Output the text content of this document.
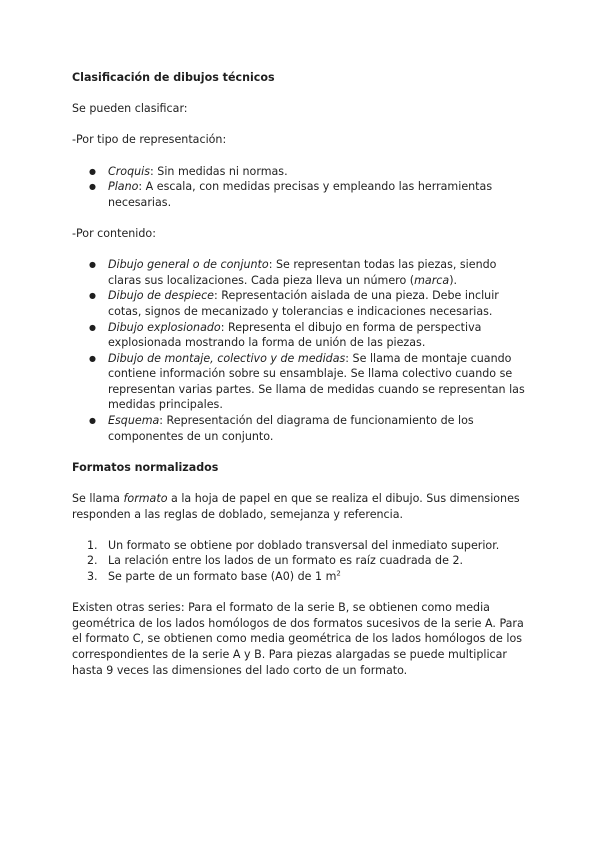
Clasificación de dibujos técnicos

Se pueden clasificar:

-Por tipo de representación:

● Croquis: Sin medidas ni normas.
● Plano: A escala, con medidas precisas y empleando las herramientas necesarias.

-Por contenido:

● Dibujo general o de conjunto: Se representan todas las piezas, siendo claras sus localizaciones. Cada pieza lleva un número (marca).
● Dibujo de despiece: Representación aislada de una pieza. Debe incluir cotas, signos de mecanizado y tolerancias e indicaciones necesarias.
● Dibujo explosionado: Representa el dibujo en forma de perspectiva explosionada mostrando la forma de unión de las piezas.
● Dibujo de montaje, colectivo y de medidas: Se llama de montaje cuando contiene información sobre su ensamblaje. Se llama colectivo cuando se representan varias partes. Se llama de medidas cuando se representan las medidas principales.
● Esquema: Representación del diagrama de funcionamiento de los componentes de un conjunto.
Formatos normalizados

Se llama formato a la hoja de papel en que se realiza el dibujo. Sus dimensiones responden a las reglas de doblado, semejanza y referencia.

1. Un formato se obtiene por doblado transversal del inmediato superior.
2. La relación entre los lados de un formato es raíz cuadrada de 2.
3. Se parte de un formato base (A0) de 1 $m^2$

Existen otras series: Para el formato de la serie B, se obtienen como media geométrica de los lados homólogos de dos formatos sucesivos de la serie A. Para el formato C, se obtienen como media geométrica de los lados homólogos de los correspondientes de la serie A y B. Para piezas alargadas se puede multiplicar hasta 9 veces las dimensiones del lado corto de un formato.
